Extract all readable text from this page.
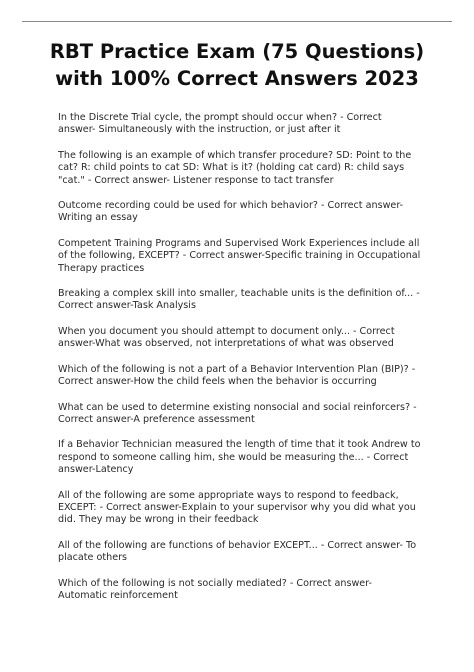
RBT Practice Exam (75 Questions)
with 100% Correct Answers 2023

In the Discrete Trial cycle, the prompt should occur when? - Correct answer- Simultaneously with the instruction, or just after it

The following is an example of which transfer procedure? SD: Point to the cat? R: child points to cat SD: What is it? (holding cat card) R: child says "cat." - Correct answer- Listener response to tact transfer

Outcome recording could be used for which behavior? - Correct answer- Writing an essay

Competent Training Programs and Supervised Work Experiences include all of the following, EXCEPT? - Correct answer-Specific training in Occupational Therapy practices

Breaking a complex skill into smaller, teachable units is the definition of... - Correct answer-Task Analysis

When you document you should attempt to document only... - Correct answer-What was observed, not interpretations of what was observed

Which of the following is not a part of a Behavior Intervention Plan (BIP)? - Correct answer-How the child feels when the behavior is occurring

What can be used to determine existing nonsocial and social reinforcers? - Correct answer-A preference assessment

If a Behavior Technician measured the length of time that it took Andrew to respond to someone calling him, she would be measuring the... - Correct answer-Latency

All of the following are some appropriate ways to respond to feedback, EXCEPT: - Correct answer-Explain to your supervisor why you did what you did. They may be wrong in their feedback

All of the following are functions of behavior EXCEPT... - Correct answer- To placate others

Which of the following is not socially mediated? - Correct answer- Automatic reinforcement
